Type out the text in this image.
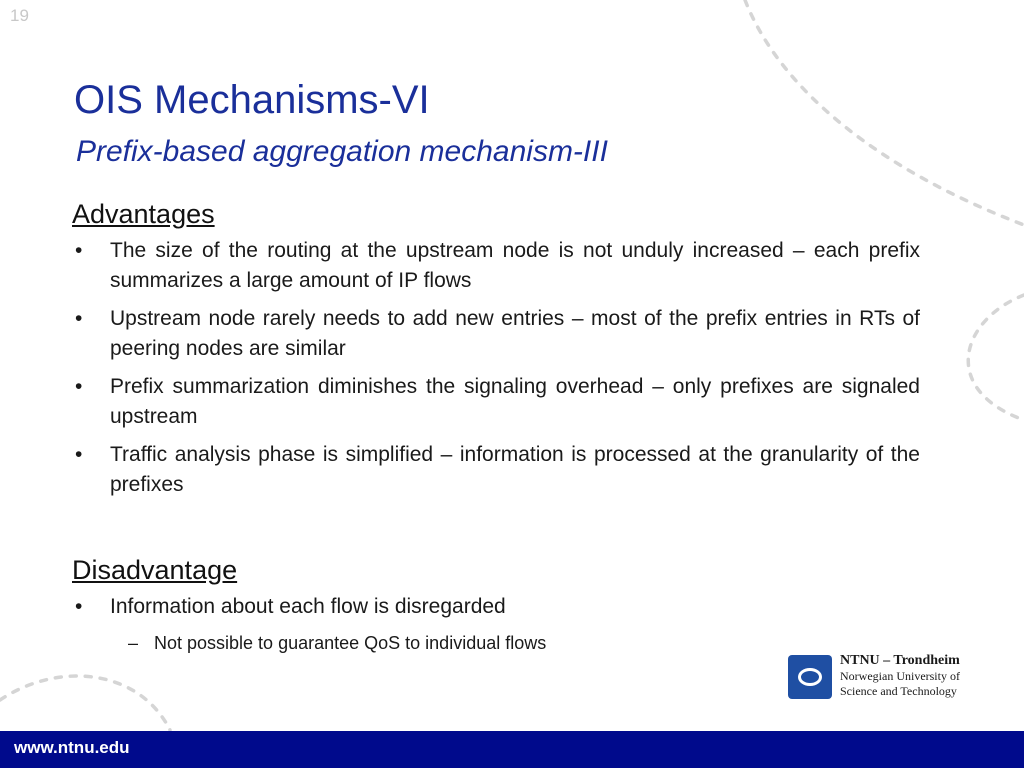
19
OIS Mechanisms-VI
Prefix-based aggregation mechanism-III
Advantages
• The size of the routing at the upstream node is not unduly increased – each prefix summarizes a large amount of IP flows
• Upstream node rarely needs to add new entries – most of the prefix entries in RTs of peering nodes are similar
• Prefix summarization diminishes the signaling overhead – only prefixes are signaled upstream
• Traffic analysis phase is simplified – information is processed at the granularity of the prefixes
Disadvantage
• Information about each flow is disregarded
– Not possible to guarantee QoS to individual flows
NTNU – Trondheim
Norwegian University of
Science and Technology
www.ntnu.edu
